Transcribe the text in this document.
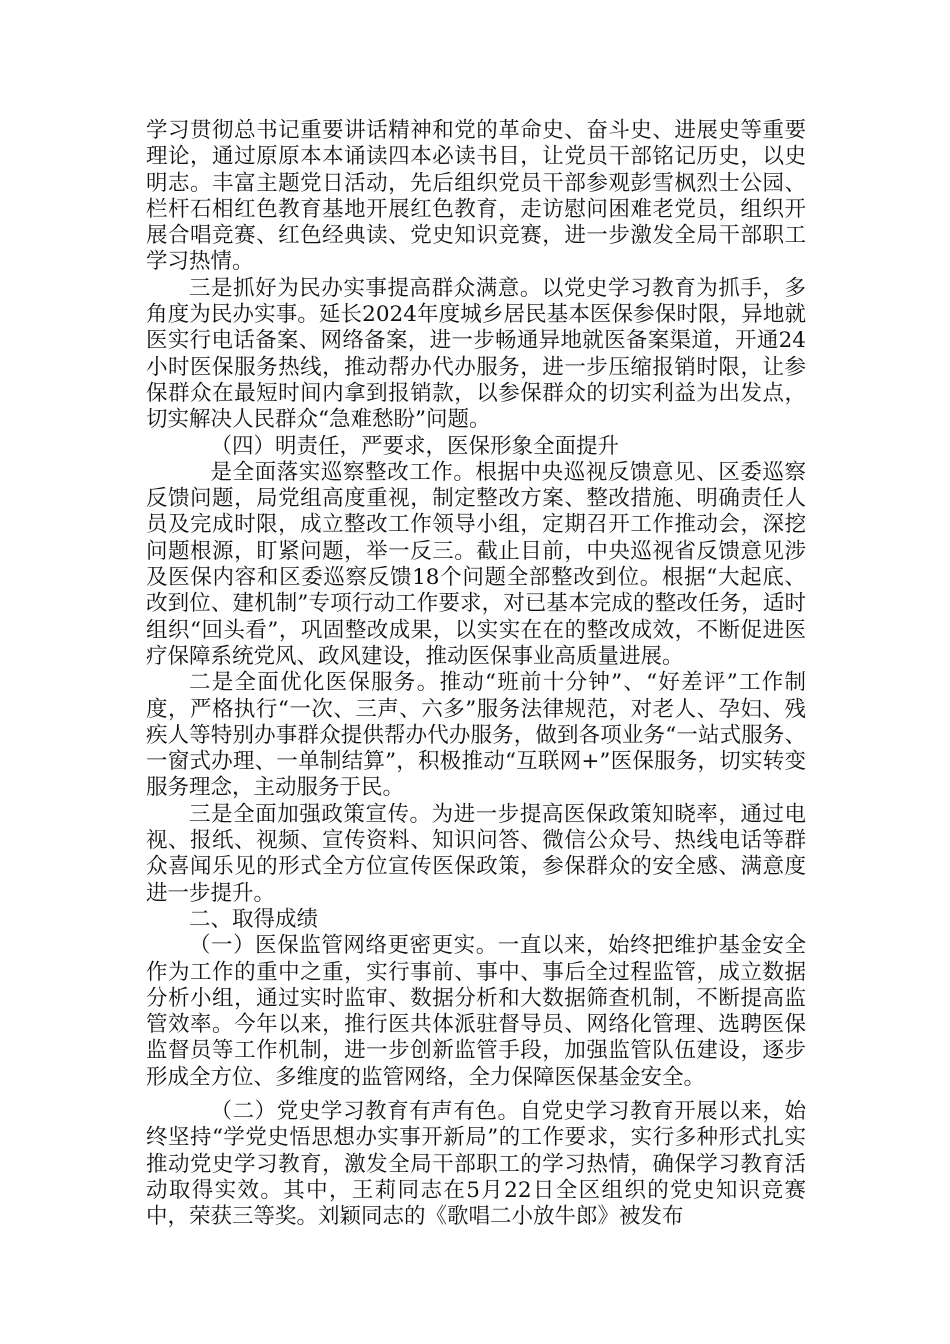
学习贯彻总书记重要讲话精神和党的革命史、奋斗史、进展史等重要理论，通过原原本本诵读四本必读书目，让党员干部铭记历史，以史明志。丰富主题党日活动，先后组织党员干部参观彭雪枫烈士公园、栏杆石相红色教育基地开展红色教育，走访慰问困难老党员，组织开展合唱竞赛、红色经典读、党史知识竞赛，进一步激发全局干部职工学习热情。

三是抓好为民办实事提高群众满意。以党史学习教育为抓手，多角度为民办实事。延长2024年度城乡居民基本医保参保时限，异地就医实行电话备案、网络备案，进一步畅通异地就医备案渠道，开通24小时医保服务热线，推动帮办代办服务，进一步压缩报销时限，让参保群众在最短时间内拿到报销款，以参保群众的切实利益为出发点，切实解决人民群众“急难愁盼”问题。

（四）明责任，严要求，医保形象全面提升

是全面落实巡察整改工作。根据中央巡视反馈意见、区委巡察反馈问题，局党组高度重视，制定整改方案、整改措施、明确责任人员及完成时限，成立整改工作领导小组，定期召开工作推动会，深挖问题根源，盯紧问题，举一反三。截止目前，中央巡视省反馈意见涉及医保内容和区委巡察反馈18个问题全部整改到位。根据“大起底、改到位、建机制”专项行动工作要求，对已基本完成的整改任务，适时组织“回头看”，巩固整改成果，以实实在在的整改成效，不断促进医疗保障系统党风、政风建设，推动医保事业高质量进展。

二是全面优化医保服务。推动“班前十分钟”、“好差评”工作制度，严格执行“一次、三声、六多”服务法律规范，对老人、孕妇、残疾人等特别办事群众提供帮办代办服务，做到各项业务“一站式服务、一窗式办理、一单制结算”，积极推动“互联网+”医保服务，切实转变服务理念，主动服务于民。

三是全面加强政策宣传。为进一步提高医保政策知晓率，通过电视、报纸、视频、宣传资料、知识问答、微信公众号、热线电话等群众喜闻乐见的形式全方位宣传医保政策，参保群众的安全感、满意度进一步提升。

二、取得成绩

（一）医保监管网络更密更实。一直以来，始终把维护基金安全作为工作的重中之重，实行事前、事中、事后全过程监管，成立数据分析小组，通过实时监审、数据分析和大数据筛查机制，不断提高监管效率。今年以来，推行医共体派驻督导员、网络化管理、选聘医保监督员等工作机制，进一步创新监管手段，加强监管队伍建设，逐步形成全方位、多维度的监管网络，全力保障医保基金安全。

（二）党史学习教育有声有色。自党史学习教育开展以来，始终坚持“学党史悟思想办实事开新局”的工作要求，实行多种形式扎实推动党史学习教育，激发全局干部职工的学习热情，确保学习教育活动取得实效。其中，王莉同志在5月22日全区组织的党史知识竞赛中，荣获三等奖。刘颖同志的《歌唱二小放牛郎》被发布
